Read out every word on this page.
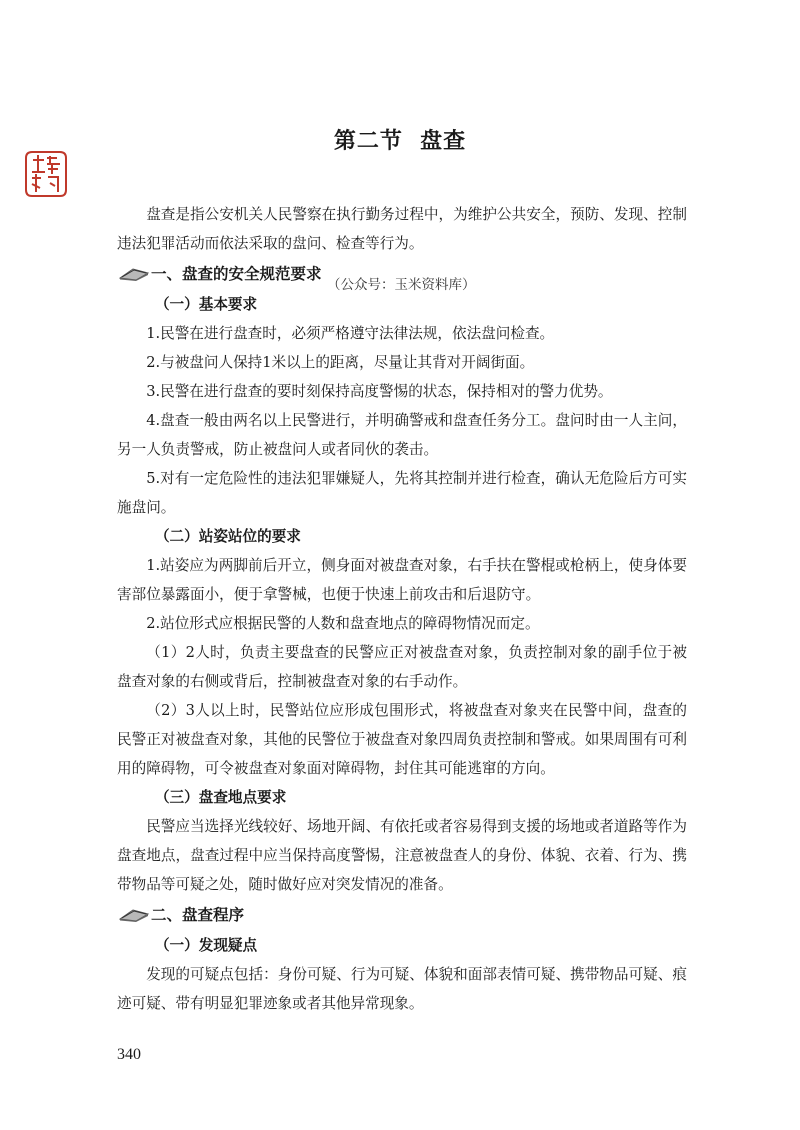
第二节  盘查

盘查是指公安机关人民警察在执行勤务过程中，为维护公共安全，预防、发现、控制违法犯罪活动而依法采取的盘问、检查等行为。

一、盘查的安全规范要求
（公众号：玉米资料库）
（一）基本要求

1.民警在进行盘查时，必须严格遵守法律法规，依法盘问检查。

2.与被盘问人保持1米以上的距离，尽量让其背对开阔街面。

3.民警在进行盘查的要时刻保持高度警惕的状态，保持相对的警力优势。

4.盘查一般由两名以上民警进行，并明确警戒和盘查任务分工。盘问时由一人主问，另一人负责警戒，防止被盘问人或者同伙的袭击。

5.对有一定危险性的违法犯罪嫌疑人，先将其控制并进行检查，确认无危险后方可实施盘问。

（二）站姿站位的要求

1.站姿应为两脚前后开立，侧身面对被盘查对象，右手扶在警棍或枪柄上，使身体要害部位暴露面小，便于拿警械，也便于快速上前攻击和后退防守。

2.站位形式应根据民警的人数和盘查地点的障碍物情况而定。

（1）2人时，负责主要盘查的民警应正对被盘查对象，负责控制对象的副手位于被盘查对象的右侧或背后，控制被盘查对象的右手动作。

（2）3人以上时，民警站位应形成包围形式，将被盘查对象夹在民警中间，盘查的民警正对被盘查对象，其他的民警位于被盘查对象四周负责控制和警戒。如果周围有可利用的障碍物，可令被盘查对象面对障碍物，封住其可能逃窜的方向。

（三）盘查地点要求

民警应当选择光线较好、场地开阔、有依托或者容易得到支援的场地或者道路等作为盘查地点，盘查过程中应当保持高度警惕，注意被盘查人的身份、体貌、衣着、行为、携带物品等可疑之处，随时做好应对突发情况的准备。

二、盘查程序
（一）发现疑点

发现的可疑点包括：身份可疑、行为可疑、体貌和面部表情可疑、携带物品可疑、痕迹可疑、带有明显犯罪迹象或者其他异常现象。

340
